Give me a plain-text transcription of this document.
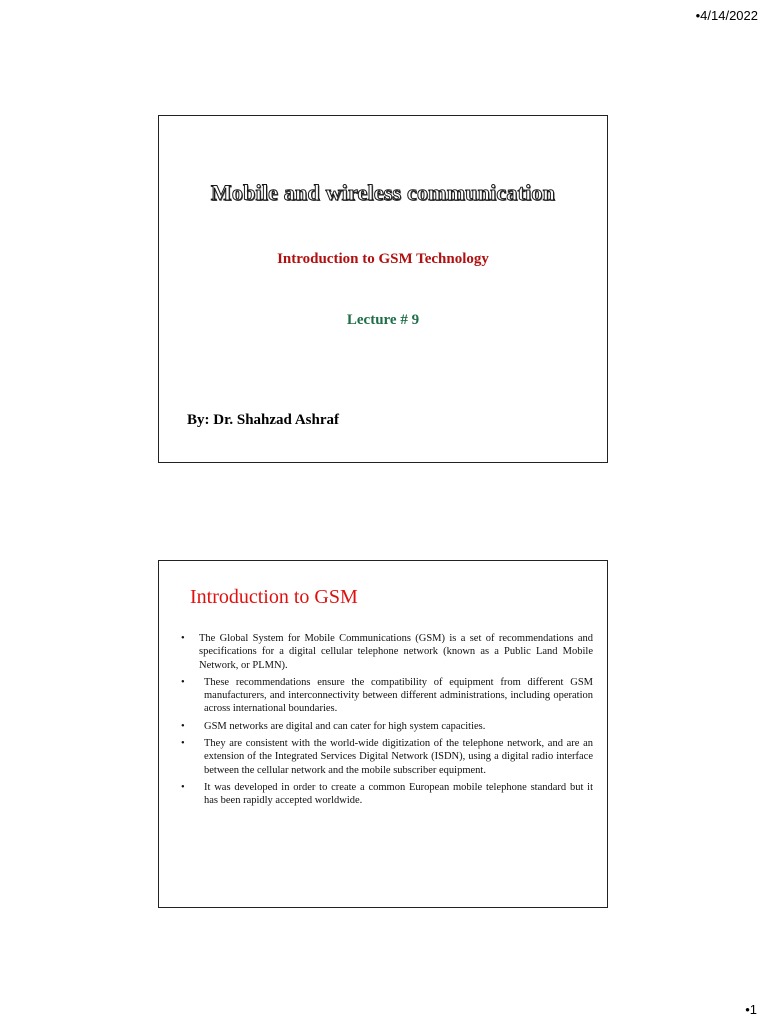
•4/14/2022
Mobile and wireless communication
Introduction to GSM Technology
Lecture # 9
By: Dr. Shahzad Ashraf
Introduction to GSM
• The Global System for Mobile Communications (GSM) is a set of recommendations and specifications for a digital cellular telephone network (known as a Public Land Mobile Network, or PLMN).
• These recommendations ensure the compatibility of equipment from different GSM manufacturers, and interconnectivity between different administrations, including operation across international boundaries.
• GSM networks are digital and can cater for high system capacities.
• They are consistent with the world-wide digitization of the telephone network, and are an extension of the Integrated Services Digital Network (ISDN), using a digital radio interface between the cellular network and the mobile subscriber equipment.
• It was developed in order to create a common European mobile telephone standard but it has been rapidly accepted worldwide.
•1
